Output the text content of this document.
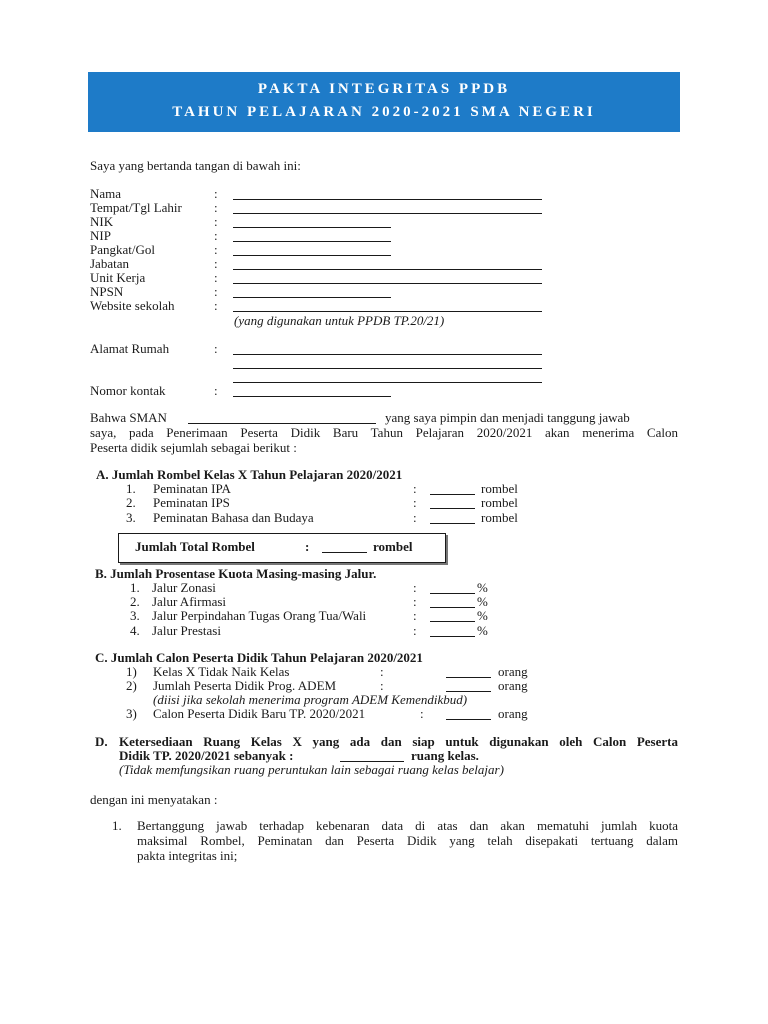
PAKTA INTEGRITAS PPDB
TAHUN PELAJARAN 2020-2021 SMA NEGERI
Saya yang bertanda tangan di bawah ini:
Nama	:
Tempat/Tgl Lahir :
NIK	:
NIP	:
Pangkat/Gol	:
Jabatan	:
Unit Kerja	:
NPSN	:
Website sekolah	:
(yang digunakan untuk PPDB TP.20/21)
Alamat Rumah	:
Nomor kontak	:
Bahwa SMAN	yang saya pimpin dan menjadi tanggung jawab
saya, pada Penerimaan Peserta Didik Baru Tahun Pelajaran 2020/2021 akan menerima Calon
Peserta didik sejumlah sebagai berikut :
A. Jumlah Rombel Kelas X Tahun Pelajaran 2020/2021
1. Peminatan IPA	:	rombel
2. Peminatan IPS	:	rombel
3. Peminatan Bahasa dan Budaya	:	rombel
Jumlah Total Rombel	:	rombel
B. Jumlah Prosentase Kuota Masing-masing Jalur.
1. Jalur Zonasi	:	%
2. Jalur Afirmasi	:	%
3. Jalur Perpindahan Tugas Orang Tua/Wali	:	%
4. Jalur Prestasi	:	%
C. Jumlah Calon Peserta Didik Tahun Pelajaran 2020/2021
1) Kelas X Tidak Naik Kelas	:	orang
2) Jumlah Peserta Didik Prog. ADEM	:	orang
(diisi jika sekolah menerima program ADEM Kemendikbud)
3) Calon Peserta Didik Baru TP. 2020/2021	:	orang
D. Ketersediaan Ruang Kelas X yang ada dan siap untuk digunakan oleh Calon Peserta
Didik TP. 2020/2021 sebanyak :	ruang kelas.
(Tidak memfungsikan ruang peruntukan lain sebagai ruang kelas belajar)
dengan ini menyatakan :
1. Bertanggung jawab terhadap kebenaran data di atas dan akan mematuhi jumlah kuota
maksimal Rombel, Peminatan dan Peserta Didik yang telah disepakati tertuang dalam
pakta integritas ini;
